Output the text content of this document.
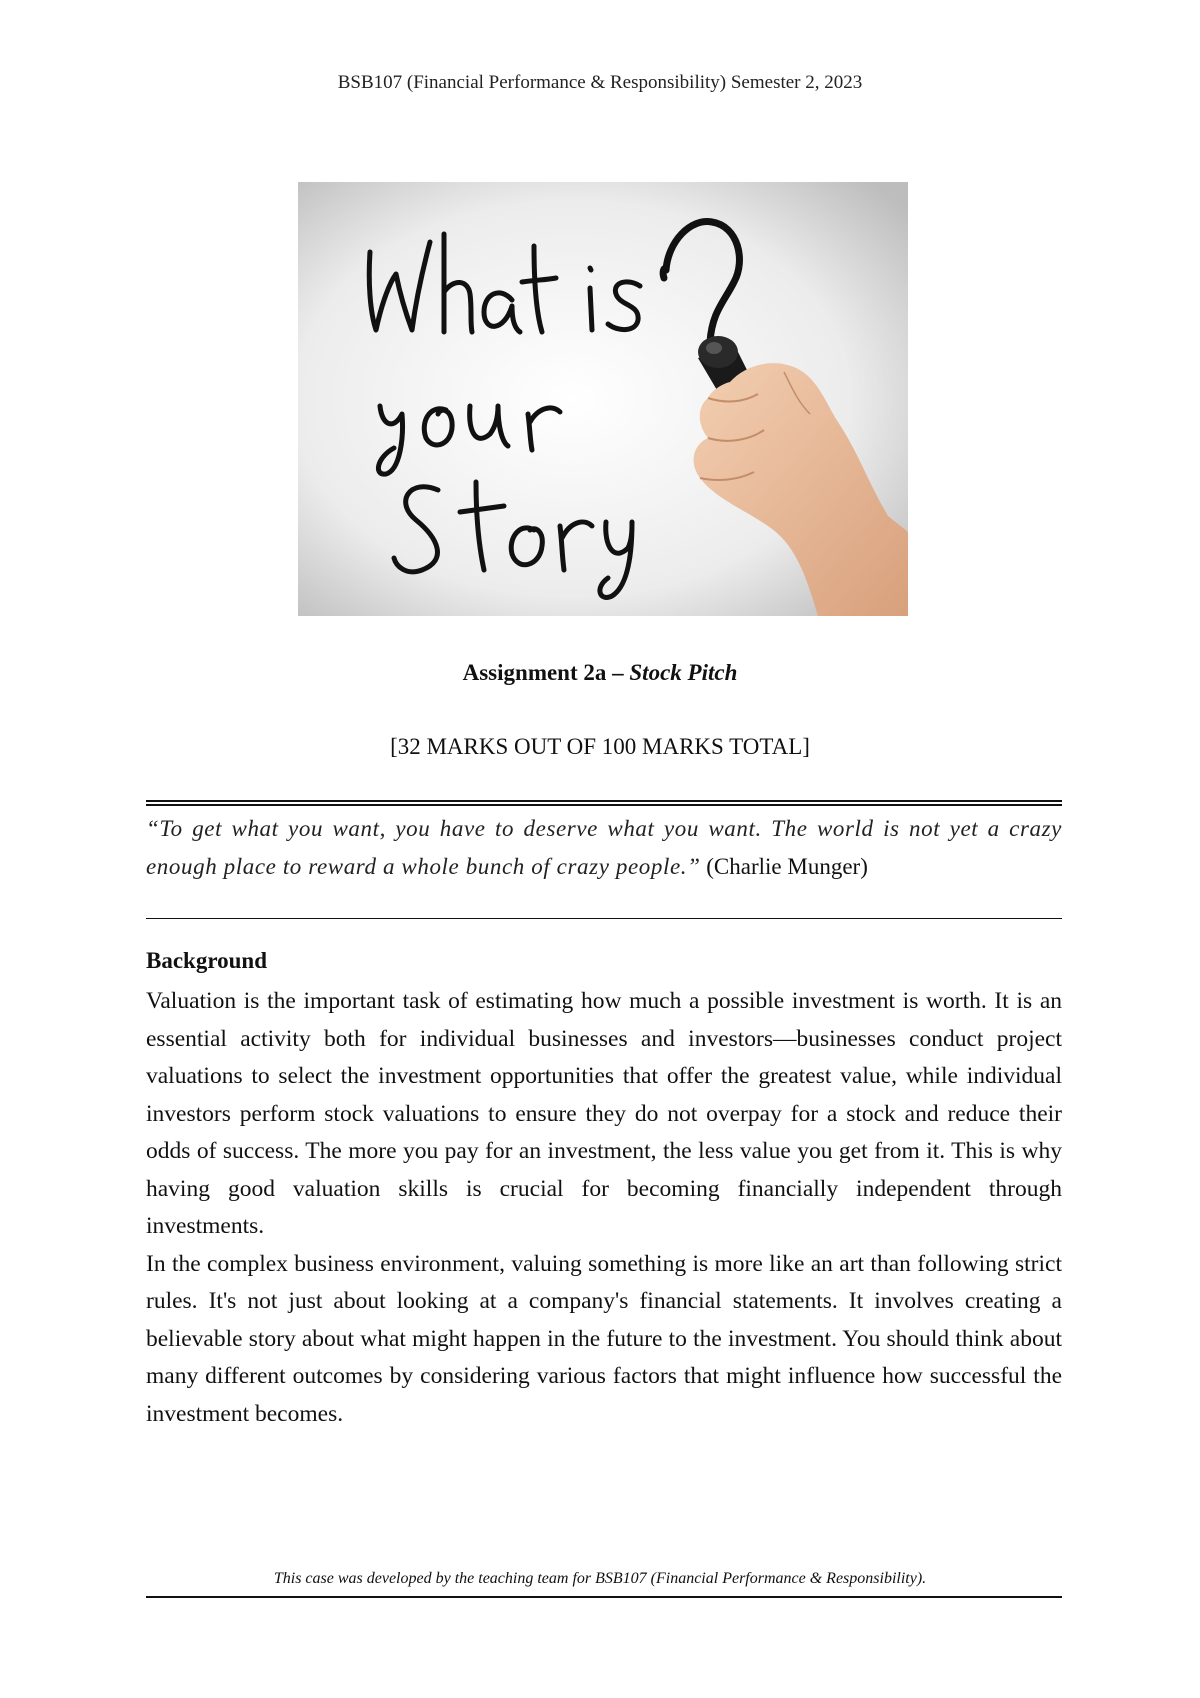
BSB107 (Financial Performance & Responsibility) Semester 2, 2023
Assignment 2a – Stock Pitch
[32 MARKS OUT OF 100 MARKS TOTAL]
“To get what you want, you have to deserve what you want. The world is not yet a crazy enough place to reward a whole bunch of crazy people.” (Charlie Munger)
Background

Valuation is the important task of estimating how much a possible investment is worth. It is an essential activity both for individual businesses and investors—businesses conduct project valuations to select the investment opportunities that offer the greatest value, while individual investors perform stock valuations to ensure they do not overpay for a stock and reduce their odds of success. The more you pay for an investment, the less value you get from it. This is why having good valuation skills is crucial for becoming financially independent through investments.

In the complex business environment, valuing something is more like an art than following strict rules. It's not just about looking at a company's financial statements. It involves creating a believable story about what might happen in the future to the investment. You should think about many different outcomes by considering various factors that might influence how successful the investment becomes.

This case was developed by the teaching team for BSB107 (Financial Performance & Responsibility).
